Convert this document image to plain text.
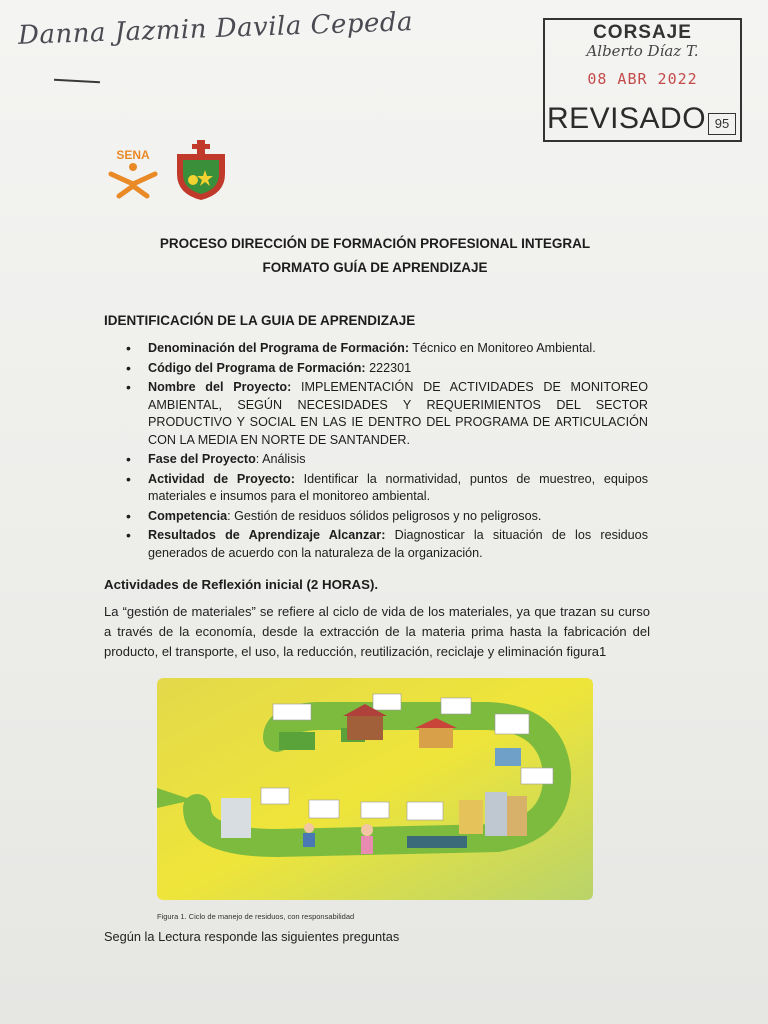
Danna Jazmin Davila Cepeda	CORSAJE
Alberto Díaz T.
08 ABR 2022
REVISADO 95
SENA
PROCESO DIRECCIÓN DE FORMACIÓN PROFESIONAL INTEGRAL
FORMATO GUÍA DE APRENDIZAJE
IDENTIFICACIÓN DE LA GUIA DE APRENDIZAJE
• Denominación del Programa de Formación: Técnico en Monitoreo Ambiental.
• Código del Programa de Formación: 222301
• Nombre del Proyecto: IMPLEMENTACIÓN DE ACTIVIDADES DE MONITOREO AMBIENTAL, SEGÚN NECESIDADES Y REQUERIMIENTOS DEL SECTOR PRODUCTIVO Y SOCIAL EN LAS IE DENTRO DEL PROGRAMA DE ARTICULACIÓN CON LA MEDIA EN NORTE DE SANTANDER.
• Fase del Proyecto: Análisis
• Actividad de Proyecto: Identificar la normatividad, puntos de muestreo, equipos materiales e insumos para el monitoreo ambiental.
• Competencia: Gestión de residuos sólidos peligrosos y no peligrosos.
• Resultados de Aprendizaje Alcanzar: Diagnosticar la situación de los residuos generados de acuerdo con la naturaleza de la organización.
Actividades de Reflexión inicial (2 HORAS).
La “gestión de materiales” se refiere al ciclo de vida de los materiales, ya que trazan su curso a través de la economía, desde la extracción de la materia prima hasta la fabricación del producto, el transporte, el uso, la reducción, reutilización, reciclaje y eliminación figura1
Figura 1. Ciclo de manejo de residuos, con responsabilidad
Según la Lectura responde las siguientes preguntas
